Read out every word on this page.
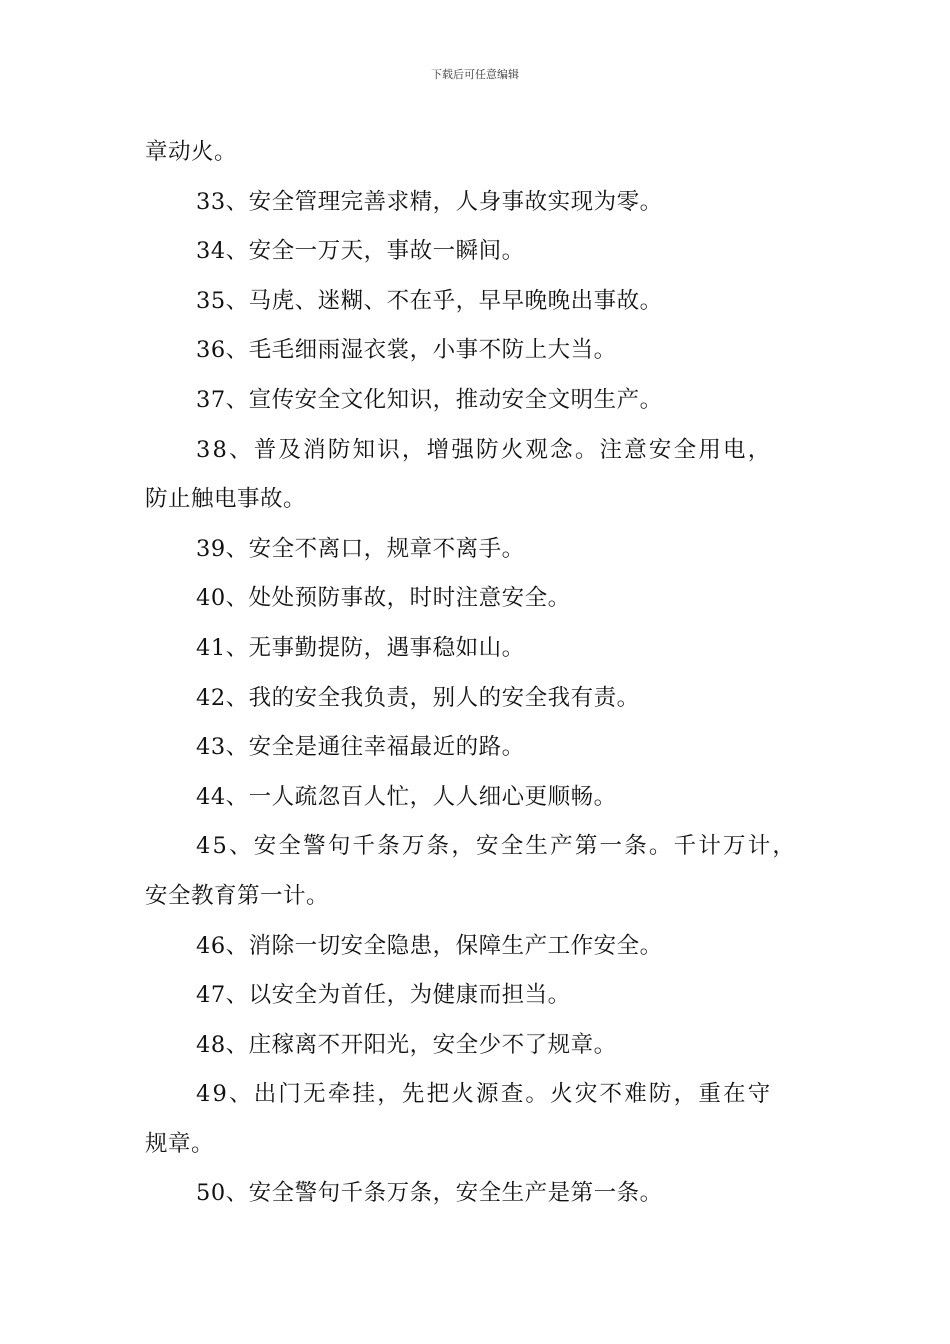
下载后可任意编辑
章动火。
33、安全管理完善求精，人身事故实现为零。
34、安全一万天，事故一瞬间。
35、马虎、迷糊、不在乎，早早晚晚出事故。
36、毛毛细雨湿衣裳，小事不防上大当。
37、宣传安全文化知识，推动安全文明生产。
38、普及消防知识，增强防火观念。注意安全用电，
防止触电事故。
39、安全不离口，规章不离手。
40、处处预防事故，时时注意安全。
41、无事勤提防，遇事稳如山。
42、我的安全我负责，别人的安全我有责。
43、安全是通往幸福最近的路。
44、一人疏忽百人忙，人人细心更顺畅。
45、安全警句千条万条，安全生产第一条。千计万计，
安全教育第一计。
46、消除一切安全隐患，保障生产工作安全。
47、以安全为首任，为健康而担当。
48、庄稼离不开阳光，安全少不了规章。
49、出门无牵挂，先把火源查。火灾不难防，重在守
规章。
50、安全警句千条万条，安全生产是第一条。
